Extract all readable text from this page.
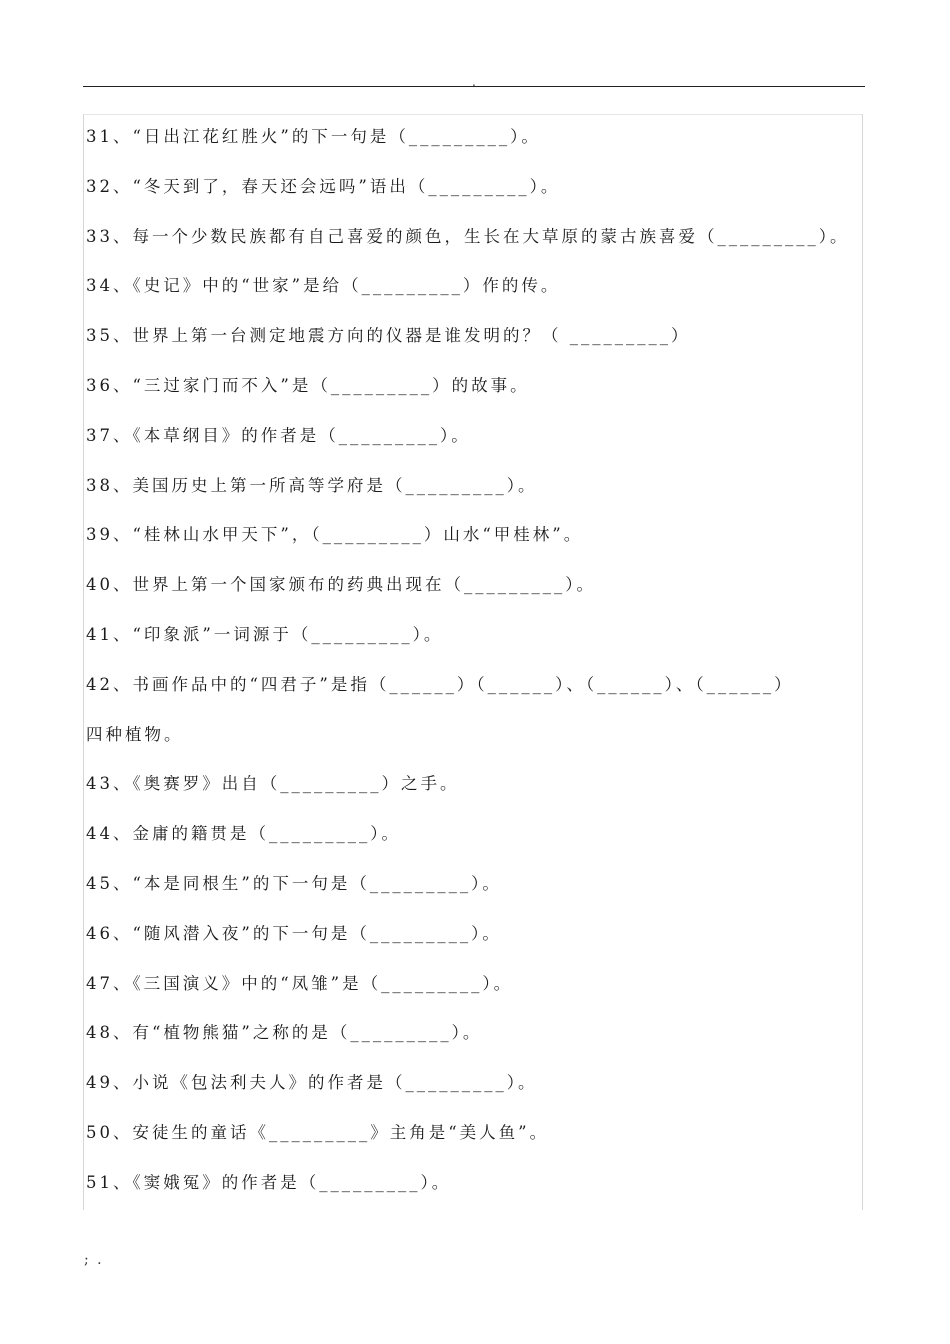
.
31、“日出江花红胜火”的下一句是（_________）。
32、“冬天到了，春天还会远吗”语出（_________）。
33、每一个少数民族都有自己喜爱的颜色，生长在大草原的蒙古族喜爱（_________）。
34、《史记》中的“世家”是给（_________）作的传。
35、世界上第一台测定地震方向的仪器是谁发明的？（ _________）
36、“三过家门而不入”是（_________）的故事。
37、《本草纲目》的作者是（_________）。
38、美国历史上第一所高等学府是（_________）。
39、“桂林山水甲天下”，（_________）山水“甲桂林”。
40、世界上第一个国家颁布的药典出现在（_________）。
41、“印象派”一词源于（_________）。
42、书画作品中的“四君子”是指（______）（______）、（______）、（______）
四种植物。
43、《奥赛罗》出自（_________）之手。
44、金庸的籍贯是（_________）。
45、“本是同根生”的下一句是（_________）。
46、“随风潜入夜”的下一句是（_________）。
47、《三国演义》中的“凤雏”是（_________）。
48、有“植物熊猫”之称的是（_________）。
49、小说《包法利夫人》的作者是（_________）。
50、安徒生的童话《_________》主角是“美人鱼”。
51、《窦娥冤》的作者是（_________）。
; .
